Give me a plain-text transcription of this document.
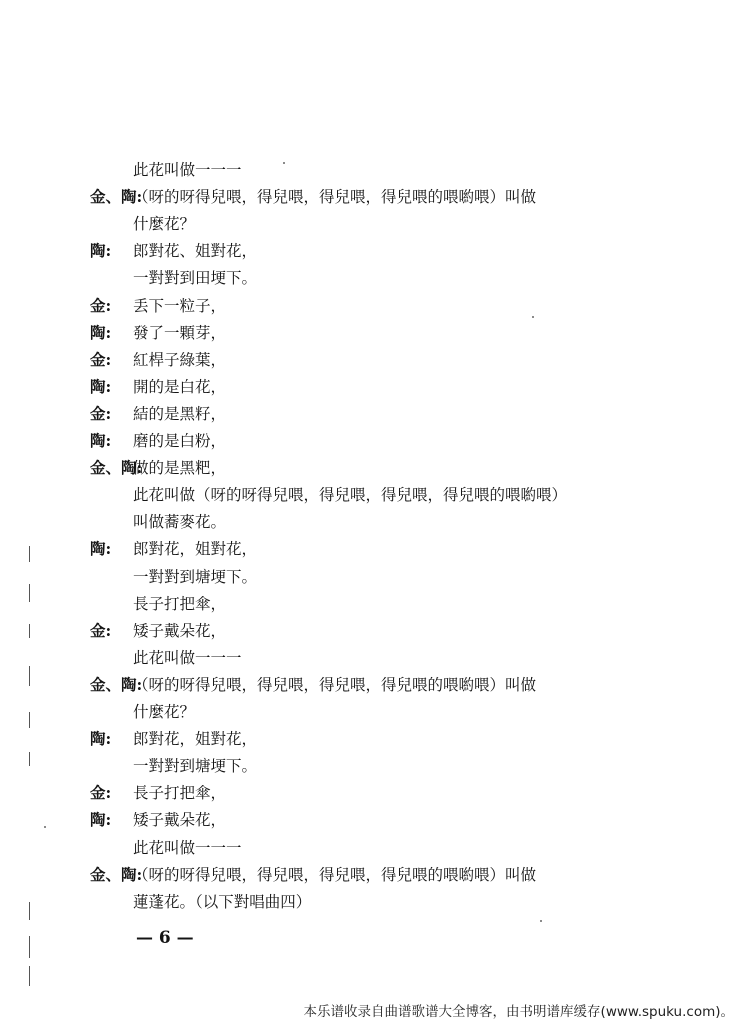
此花叫做一一一
金、陶:
（呀的呀得兒喂，得兒喂，得兒喂，得兒喂的喂喲喂）叫做
什麼花？
陶: 郎對花、姐對花，
一對對到田埂下。
金: 丢下一粒子，
陶: 發了一顆芽，
金: 紅桿子綠葉，
陶: 開的是白花，
金: 結的是黑籽，
陶: 磨的是白粉，
金、陶:
做的是黑粑，
此花叫做（呀的呀得兒喂，得兒喂，得兒喂，得兒喂的喂喲喂）
叫做蕎麥花。
陶: 郎對花，姐對花，
一對對到塘埂下。
長子打把傘，
金: 矮子戴朵花，
此花叫做一一一
金、陶:
（呀的呀得兒喂，得兒喂，得兒喂，得兒喂的喂喲喂）叫做
什麼花？
陶: 郎對花，姐對花，
一對對到塘埂下。
金: 長子打把傘，
陶: 矮子戴朵花，
此花叫做一一一
金、陶:
（呀的呀得兒喂，得兒喂，得兒喂，得兒喂的喂喲喂）叫做
蓮蓬花。（以下對唱曲四）
— 6 —
本乐谱收录自曲谱歌谱大全博客，由书明谱库缓存(www.spuku.com)。
